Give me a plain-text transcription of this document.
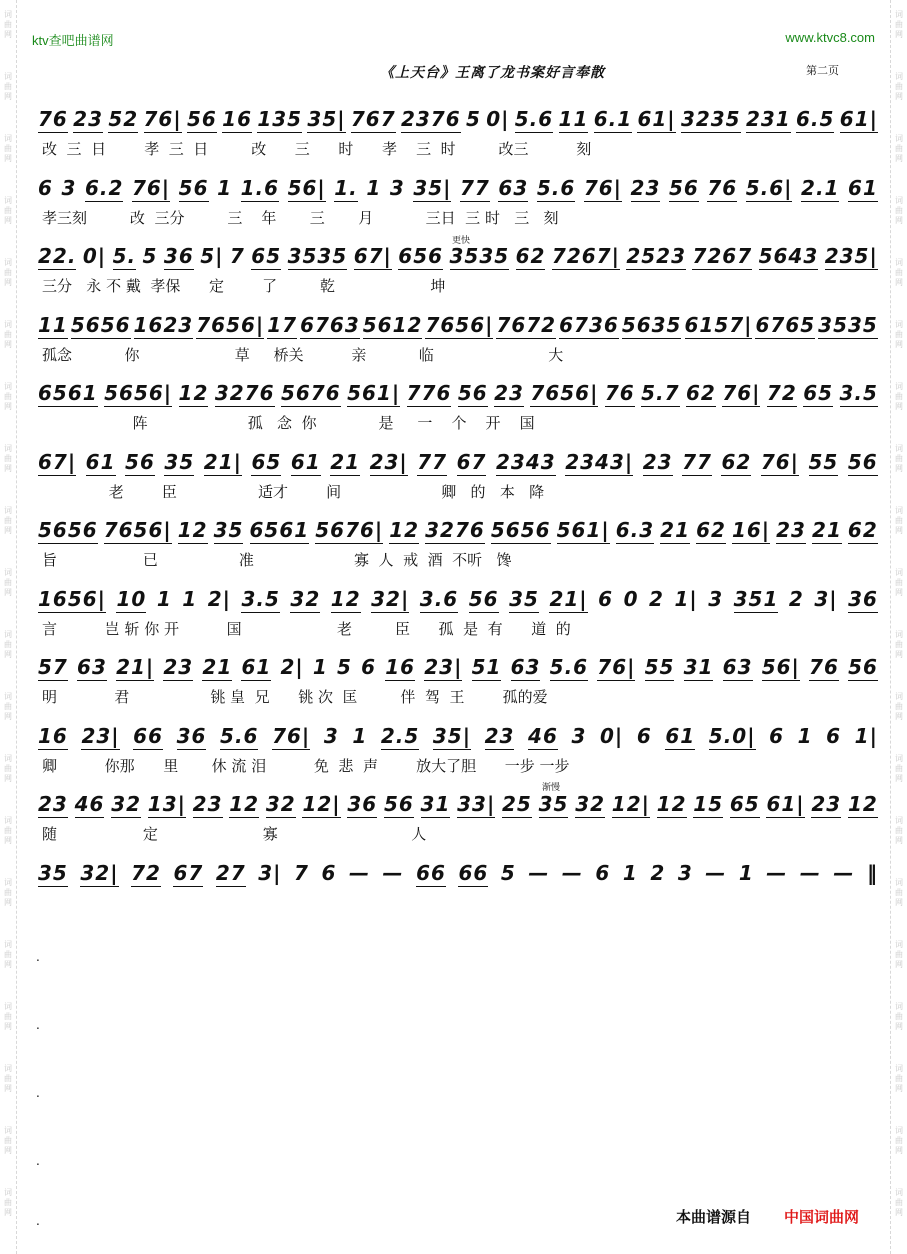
词
曲
网
词
曲
网
词
曲
网
词
曲
网
词
曲
网
词
曲
网
词
曲
网
词
曲
网
词
曲
网
词
曲
网
词
曲
网
词
曲
网
词
曲
网
词
曲
网
词
曲
网
词
曲
网
词
曲
网
词
曲
网
词
曲
网
词
曲
网
词
曲
网
词
曲
网
词
曲
网
词
曲
网
词
曲
网
词
曲
网
词
曲
网
词
曲
网
词
曲
网
词
曲
网
词
曲
网
词
曲
网
词
曲
网
词
曲
网
词
曲
网
词
曲
网
词
曲
网
词
曲
网
词
曲
网
词
曲
网
ktv查吧曲谱网	www.ktvc8.com
《上天台》王离了龙书案好言奉散	第二页
76 23 52 76| 56 16 135 35| 767 2376 5 0| 5.6 11 6.1 61| 3235 231 6.5 61|
改  三  日        孝  三  日         改      三      时      孝    三  时         改三          刻
6 3 6.2 76| 56 1 1.6 56| 1. 1 3 35| 77 63 5.6 76| 23 56 76 5.6| 2.1 61
孝三刻         改  三分         三    年       三       月           三日  三 时   三   刻
22. 0| 5. 5 36 5| 7 65 3535 67| 656 3535 62 7267| 2523 7267 5643 235|
三分   永 不 戴  孝保      定        了         乾                    坤
11 5656 1623 7656| 17 6763 5612 7656| 7672 6736 5635 6157| 6765 3535
孤念           你                    草     桥关          亲           临                        大
6561 5656| 12 3276 5676 561| 776 56 23 7656| 76 5.7 62 76| 72 65 3.5
阵                     孤   念  你             是     一    个    开    国
67| 61 56 35 21| 65 61 21 23| 77 67 2343 2343| 23 77 62 76| 55 56
老        臣                 适才        间                     卿   的   本   降
5656 7656| 12 35 6561 5676| 12 3276 5656 561| 6.3 21 62 16| 23 21 62
旨                  已                 准                     寡  人  戒  酒  不听   馋
1656| 10 1 1 2| 3.5 32 12 32| 3.6 56 35 21| 6 0 2 1| 3 351 2 3| 36
言          岂 斩 你 开          国                    老         臣      孤  是  有      道  的
57 63 21| 23 21 61 2| 1 5 6 16 23| 51 63 5.6 76| 55 31 63 56| 76 56
明            君                 铫 皇  兄      铫 次  匡         伴  驾  王        孤的爱
16 23| 66 36 5.6 76| 3 1 2.5 35| 23 46 3 0| 6 61 5.0| 6 1 6 1|
卿          你那      里       休 流 泪          免  悲  声        放大了胆      一步 一步
23 46 32 13| 23 12 32 12| 36 56 31 33| 25 35 32 12| 12 15 65 61| 23 12
随                  定                      寡                            人
35 32| 72 67 27 3| 7 6 — — 66 66 5 — — 6 1 2 3 — 1 — — — ‖
更快
渐慢
.
.
.
.
.	本曲谱源自 中国词曲网
